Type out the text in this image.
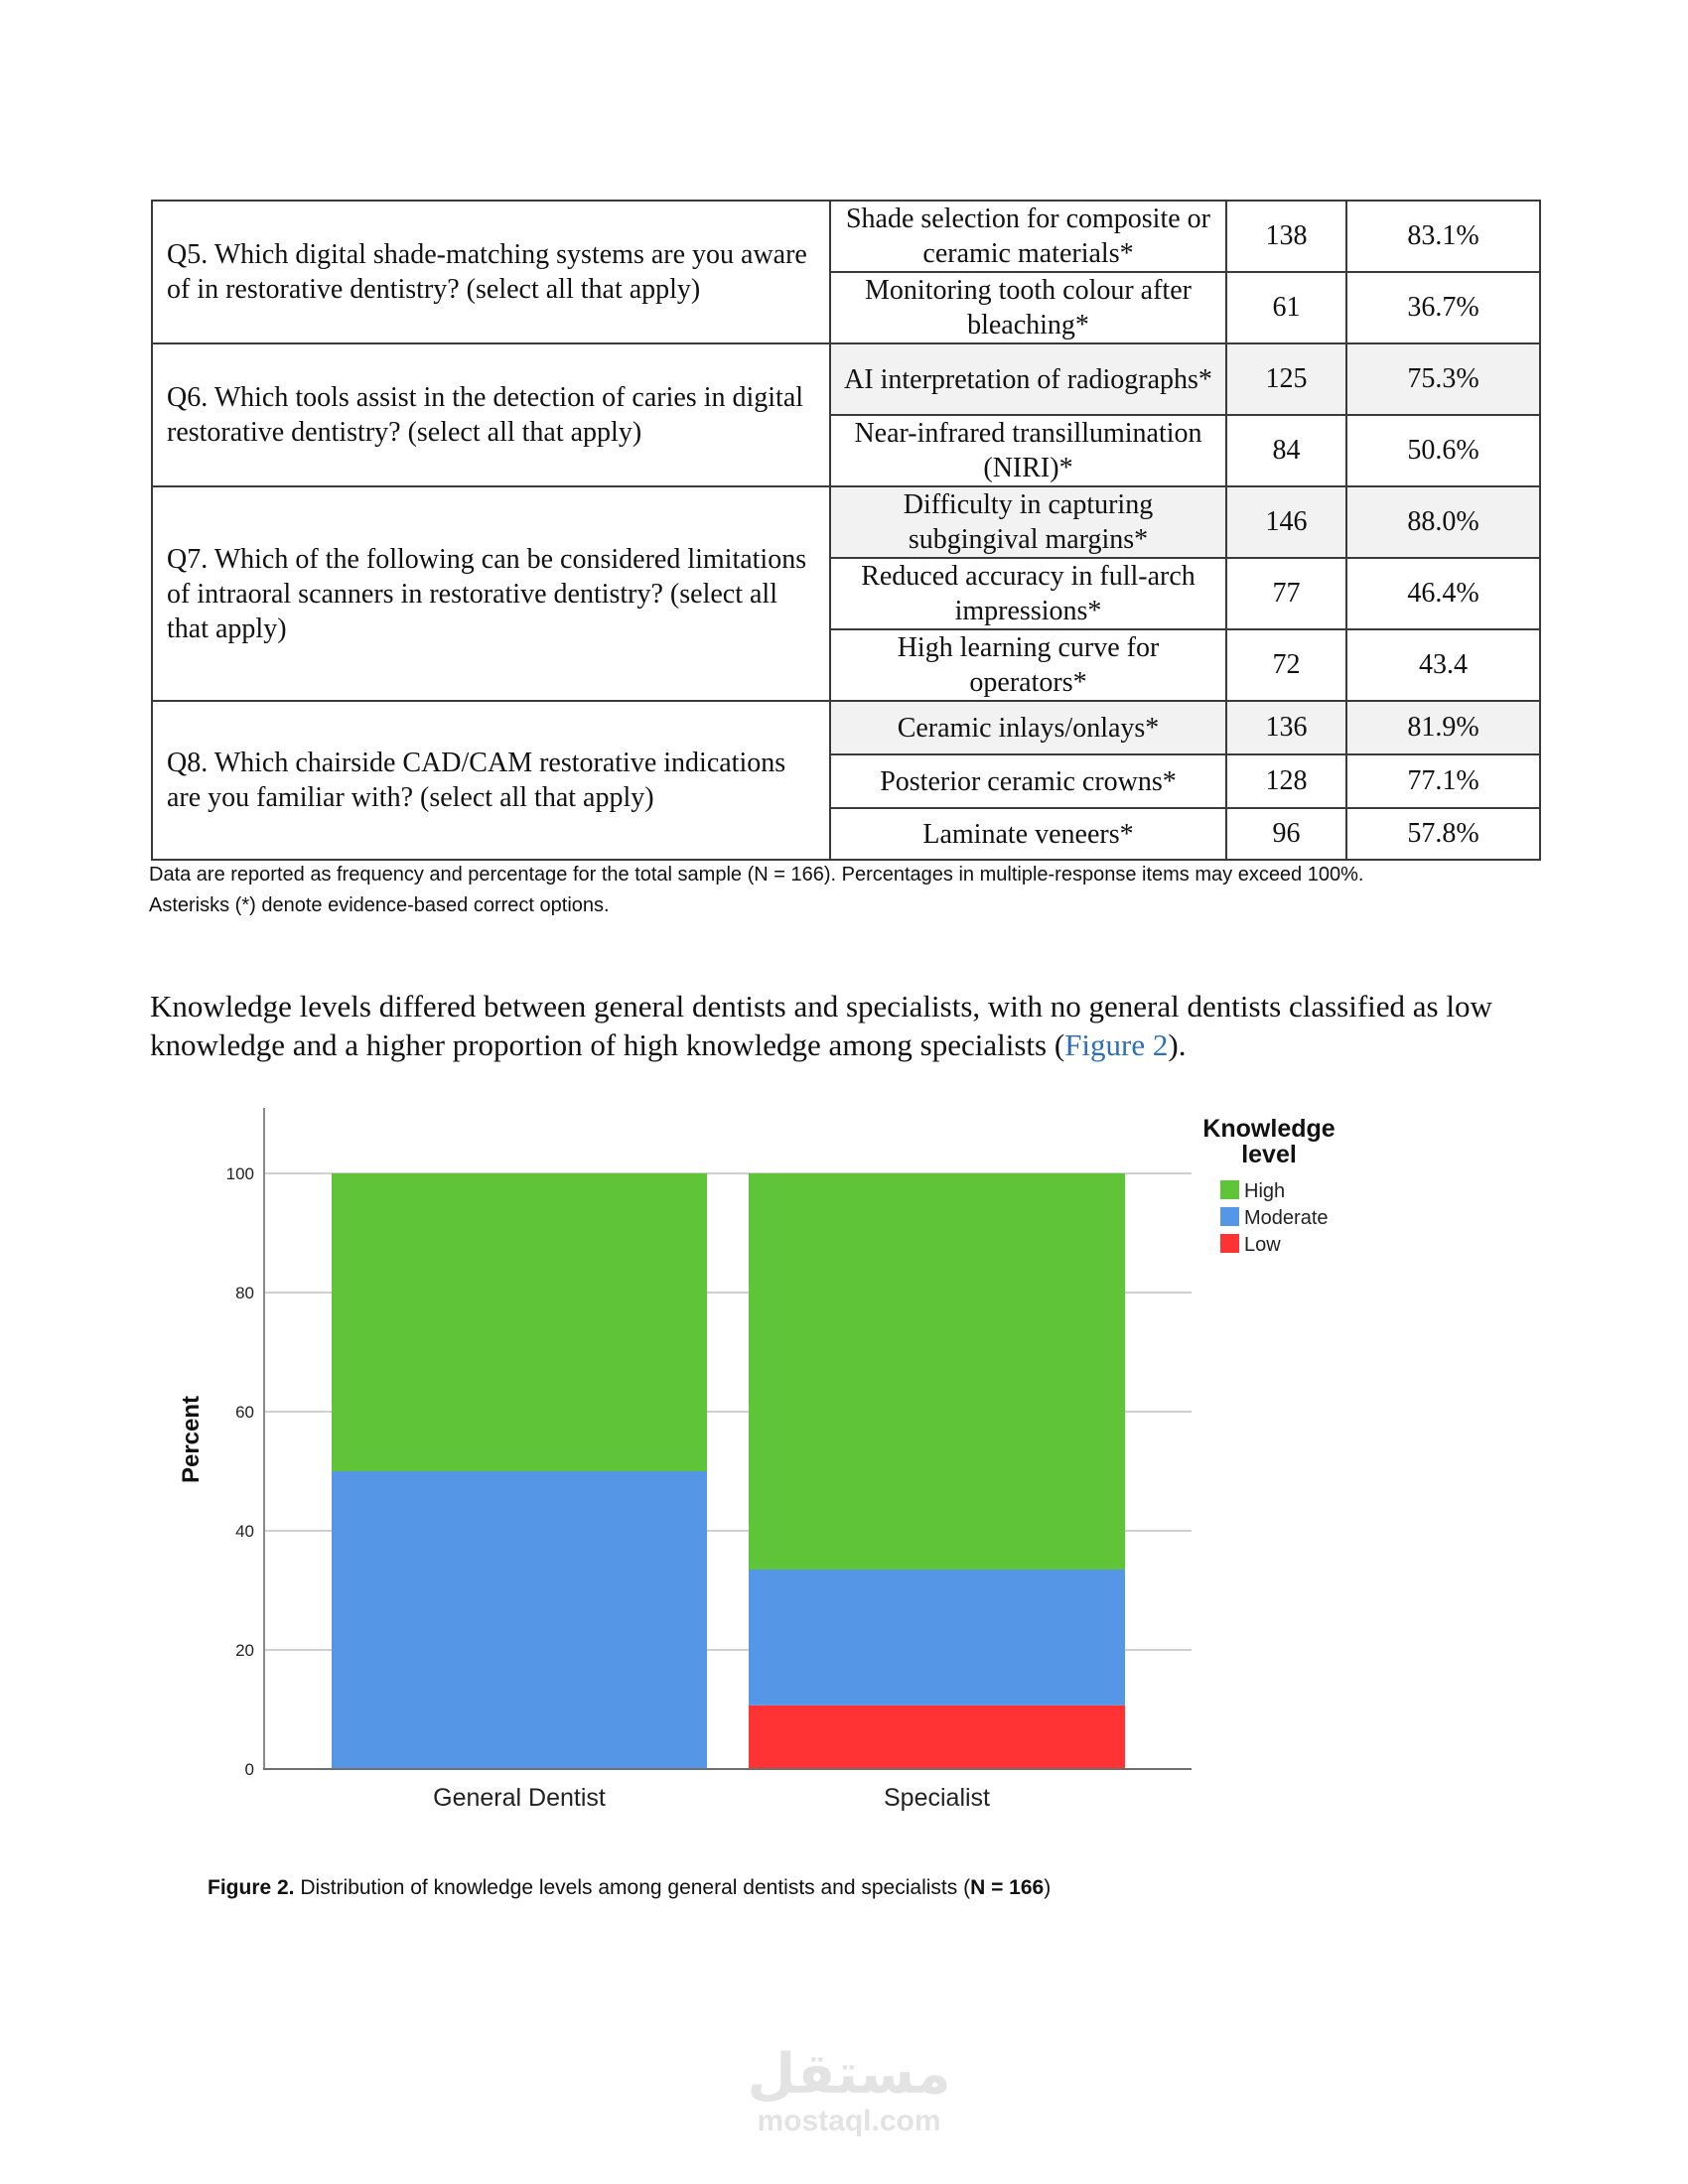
Q5. Which digital shade-matching systems are you aware of in restorative dentistry? (select all that apply)	Shade selection for composite or ceramic materials*	138	83.1%
	Monitoring tooth colour after bleaching*	61	36.7%
Q6. Which tools assist in the detection of caries in digital restorative dentistry? (select all that apply)	AI interpretation of radiographs*	125	75.3%
	Near-infrared transillumination (NIRI)*	84	50.6%
Q7. Which of the following can be considered limitations of intraoral scanners in restorative dentistry? (select all that apply)	Difficulty in capturing subgingival margins*	146	88.0%
	Reduced accuracy in full-arch impressions*	77	46.4%
	High learning curve for operators*	72	43.4
Q8. Which chairside CAD/CAM restorative indications are you familiar with? (select all that apply)	Ceramic inlays/onlays*	136	81.9%
	Posterior ceramic crowns*	128	77.1%
	Laminate veneers*	96	57.8%
Data are reported as frequency and percentage for the total sample (N = 166). Percentages in multiple-response items may exceed 100%.
Asterisks (*) denote evidence-based correct options.

Knowledge levels differed between general dentists and specialists, with no general dentists classified as low knowledge and a higher proportion of high knowledge among specialists (Figure 2).

0
20
40
60
80
100
General Dentist	Specialist
Percent
Knowledge
level
High
Moderate
Low
Figure 2. Distribution of knowledge levels among general dentists and specialists (N = 166)
مستقل
mostaql.com
